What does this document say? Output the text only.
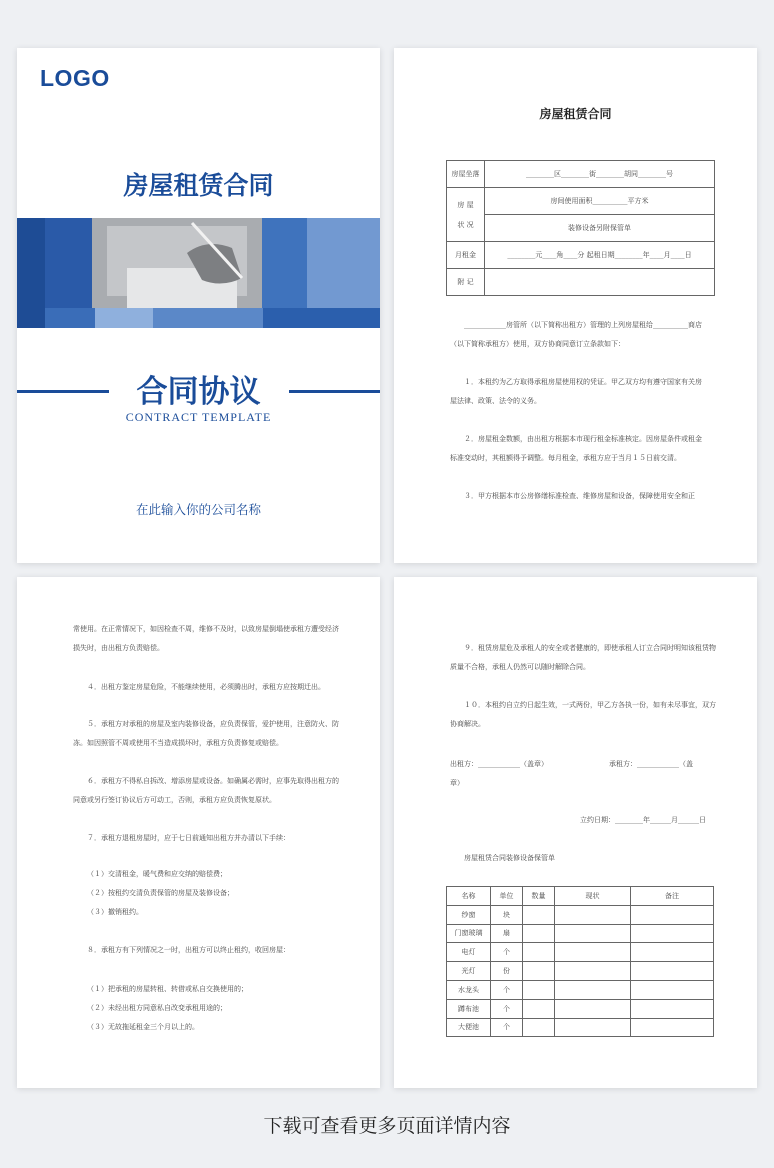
LOGO
房屋租赁合同
合同协议
CONTRACT TEMPLATE
在此输入你的公司名称
房屋租赁合同
房屋坐落	________区________街________胡同________号

房 屋
状 况	房间使用面积__________平方米
	装修设备另附保管单
月租金	________元____角____分 起租日期________年____月____日
附 记	
____________房管所（以下简称出租方）管理的上列房屋租给__________商店（以下简称承租方）使用，双方协商同意订立条款如下：
１．本租约为乙方取得承租房屋使用权的凭证。甲乙双方均有遵守国家有关房屋法律、政策、法令的义务。
２．房屋租金数额，由出租方根据本市现行租金标准核定。因房屋条件或租金标准变动时，其租额得予调整。每月租金，承租方应于当月１５日前交清。
３．甲方根据本市公房修缮标准检查、维修房屋和设备，保障使用安全和正
常使用。在正常情况下，如因检查不周，维修不及时，以致房屋倒塌使承租方遭受经济损失时，由出租方负责赔偿。
４．出租方鉴定房屋危险，不能继续使用，必须腾出时，承租方应按期迁出。
５．承租方对承租的房屋及室内装修设备，应负责保管，爱护使用，注意防火、防冻。如因照管不周或使用不当造成损坏时，承租方负责修复或赔偿。
６．承租方不得私自拆改、增添房屋或设备。如确属必需时，应事先取得出租方的同意或另行签订协议后方可动工，否则，承租方应负责恢复原状。
７．承租方退租房屋时，应于七日前通知出租方并办清以下手续：
（１）交清租金，暖气费和应交纳的赔偿费；
（２）按租约交清负责保管的房屋及装修设备；
（３）撤销租约。
８．承租方有下列情况之一时，出租方可以终止租约，收回房屋：
（１）把承租的房屋转租、转借或私自交换使用的；
（２）未经出租方同意私自改变承租用途的；
（３）无故拖延租金三个月以上的。
９．租赁房屋危及承租人的安全或者健康的，即使承租人订立合同时明知该租赁物质量不合格，承租人仍然可以随时解除合同。
１０．本租约自立约日起生效，一式两份，甲乙方各执一份，如有未尽事宜，双方协商解决。
出租方：____________（盖章）	承租方：____________（盖
章）
立约日期：________年______月______日
房屋租赁合同装修设备保管单
名称	单位	数量	现状	备注
纱窗	块			
门窗玻璃	扇			
电灯	个			
光灯	份			
水龙头	个			
蹲布池	个			
大便池	个			
下载可查看更多页面详情内容
